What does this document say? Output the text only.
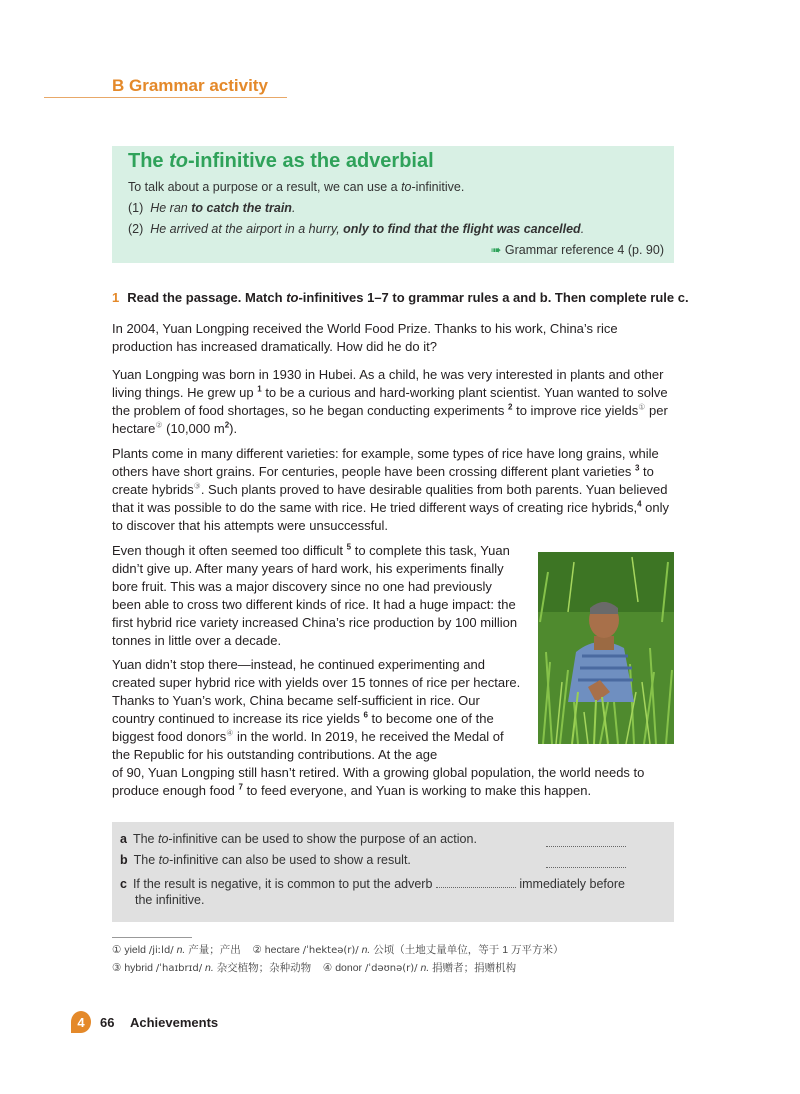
B Grammar activity
The to-infinitive as the adverbial
To talk about a purpose or a result, we can use a to-infinitive.
(1) He ran to catch the train.
(2) He arrived at the airport in a hurry, only to find that the flight was cancelled.
➠ Grammar reference 4 (p. 90)
1 Read the passage. Match to-infinitives 1–7 to grammar rules a and b. Then complete rule c.
In 2004, Yuan Longping received the World Food Prize. Thanks to his work, China’s rice production has increased dramatically. How did he do it?
Yuan Longping was born in 1930 in Hubei. As a child, he was very interested in plants and other living things. He grew up $^1$ to be a curious and hard-working plant scientist. Yuan wanted to solve the problem of food shortages, so he began conducting experiments $^2$ to improve rice yields① per hectare② (10,000 $m^2$).
Plants come in many different varieties: for example, some types of rice have long grains, while others have short grains. For centuries, people have been crossing different plant varieties $^3$ to create hybrids③. Such plants proved to have desirable qualities from both parents. Yuan believed that it was possible to do the same with rice. He tried different ways of creating rice hybrids,$^4$ only to discover that his attempts were unsuccessful.
Even though it often seemed too difficult $^5$ to complete this task, Yuan didn’t give up. After many years of hard work, his experiments finally bore fruit. This was a major discovery since no one had previously been able to cross two different kinds of rice. It had a huge impact: the first hybrid rice variety increased China’s rice production by 100 million tonnes in little over a decade.
Yuan didn’t stop there—instead, he continued experimenting and created super hybrid rice with yields over 15 tonnes of rice per hectare. Thanks to Yuan’s work, China became self-sufficient in rice. Our country continued to increase its rice yields $^6$ to become one of the biggest food donors④ in the world. In 2019, he received the Medal of the Republic for his outstanding contributions. At the age
of 90, Yuan Longping still hasn’t retired. With a growing global population, the world needs to produce enough food $^7$ to feed everyone, and Yuan is working to make this happen.
a The to-infinitive can be used to show the purpose of an action.
b The to-infinitive can also be used to show a result.
c If the result is negative, it is common to put the adverb	immediately before
the infinitive.
① yield /jiːld/ n. 产量；产出 ② hectare /ˈhekteə(r)/ n. 公顷（土地丈量单位，等于 1 万平方米）
③ hybrid /ˈhaɪbrɪd/ n. 杂交植物；杂种动物 ④ donor /ˈdəʊnə(r)/ n. 捐赠者；捐赠机构
4	66 Achievements
